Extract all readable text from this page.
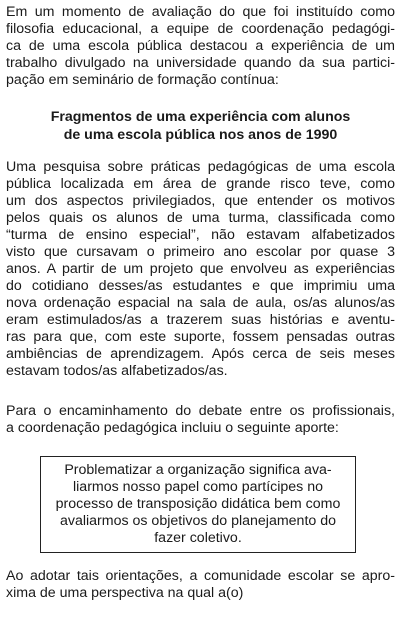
Em um momento de avaliação do que foi instituído como
filosofia educacional, a equipe de coordenação pedagógi-
ca de uma escola pública destacou a experiência de um
trabalho divulgado na universidade quando da sua partici-
pação em seminário de formação contínua:

Fragmentos de uma experiência com alunos
de uma escola pública nos anos de 1990

Uma pesquisa sobre práticas pedagógicas de uma escola
pública localizada em área de grande risco teve, como
um dos aspectos privilegiados, que entender os motivos
pelos quais os alunos de uma turma, classificada como
“turma de ensino especial”, não estavam alfabetizados
visto que cursavam o primeiro ano escolar por quase 3
anos. A partir de um projeto que envolveu as experiências
do cotidiano desses/as estudantes e que imprimiu uma
nova ordenação espacial na sala de aula, os/as alunos/as
eram estimulados/as a trazerem suas histórias e aventu-
ras para que, com este suporte, fossem pensadas outras
ambiências de aprendizagem. Após cerca de seis meses
estavam todos/as alfabetizados/as.

Para o encaminhamento do debate entre os profissionais,
a coordenação pedagógica incluiu o seguinte aporte:

Problematizar a organização significa ava-
liarmos nosso papel como partícipes no
processo de transposição didática bem como
avaliarmos os objetivos do planejamento do
fazer coletivo.

Ao adotar tais orientações, a comunidade escolar se apro-
xima de uma perspectiva na qual a(o)
